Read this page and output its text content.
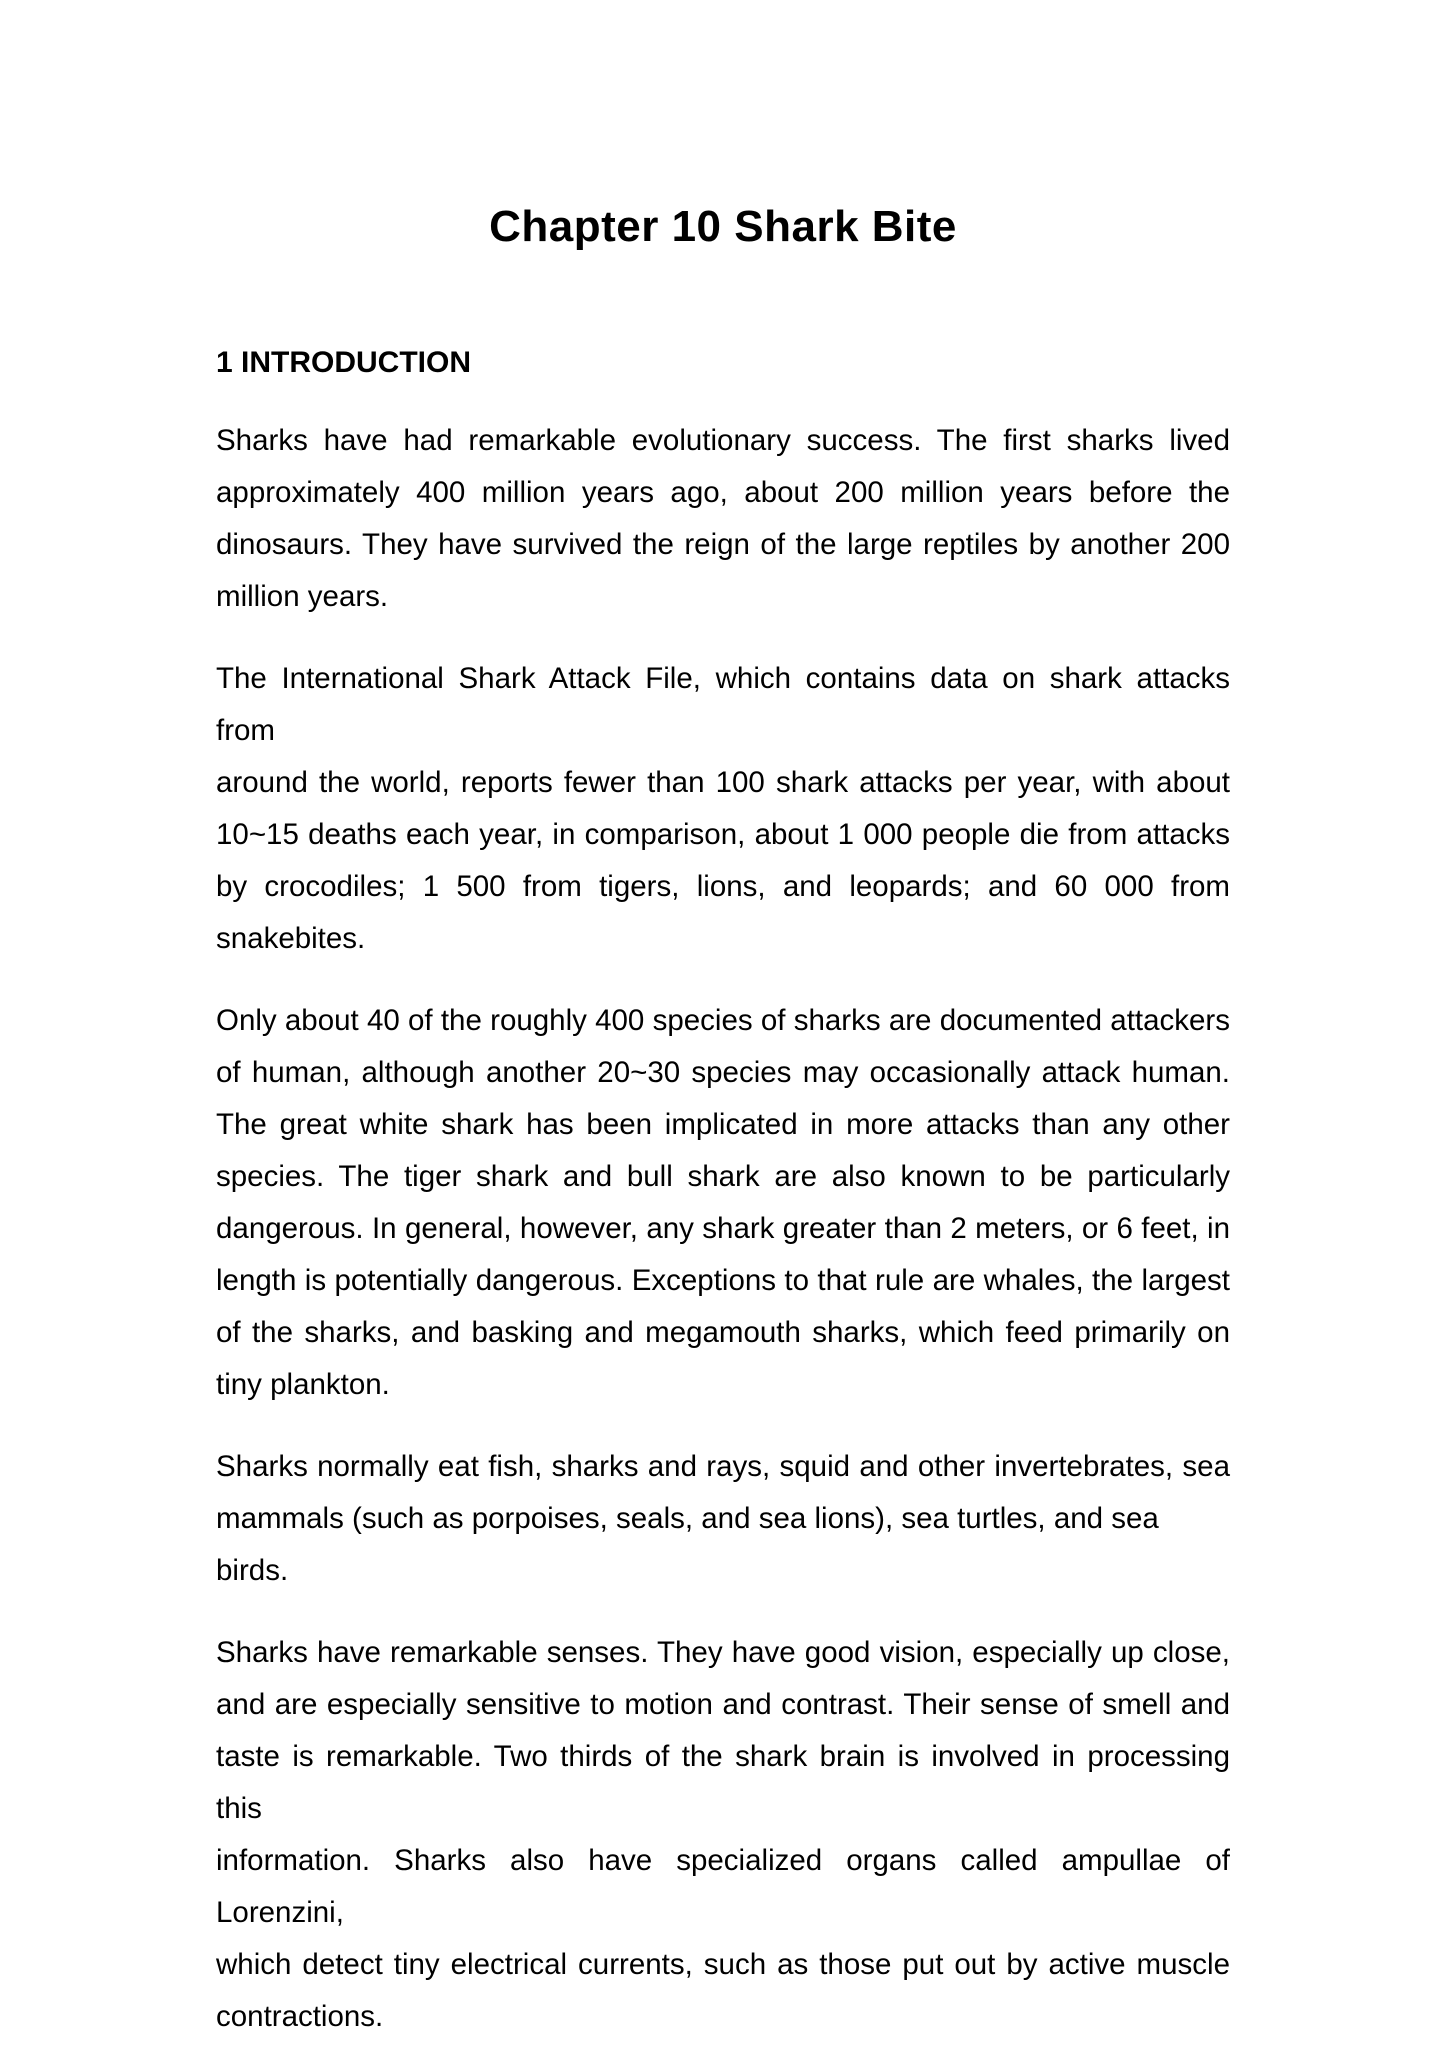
Chapter 10 Shark Bite
1 INTRODUCTION
Sharks have had remarkable evolutionary success. The first sharks lived
approximately 400 million years ago, about 200 million years before the
dinosaurs. They have survived the reign of the large reptiles by another 200
million years.
The International Shark Attack File, which contains data on shark attacks from
around the world, reports fewer than 100 shark attacks per year, with about
10~15 deaths each year, in comparison, about 1 000 people die from attacks
by crocodiles; 1 500 from tigers, lions, and leopards; and 60 000 from
snakebites.
Only about 40 of the roughly 400 species of sharks are documented attackers
of human, although another 20~30 species may occasionally attack human.
The great white shark has been implicated in more attacks than any other
species. The tiger shark and bull shark are also known to be particularly
dangerous. In general, however, any shark greater than 2 meters, or 6 feet, in
length is potentially dangerous. Exceptions to that rule are whales, the largest
of the sharks, and basking and megamouth sharks, which feed primarily on
tiny plankton.
Sharks normally eat fish, sharks and rays, squid and other invertebrates, sea
mammals (such as porpoises, seals, and sea lions), sea turtles, and sea birds.
Sharks have remarkable senses. They have good vision, especially up close,
and are especially sensitive to motion and contrast. Their sense of smell and
taste is remarkable. Two thirds of the shark brain is involved in processing this
information. Sharks also have specialized organs called ampullae of Lorenzini,
which detect tiny electrical currents, such as those put out by active muscle
contractions.
